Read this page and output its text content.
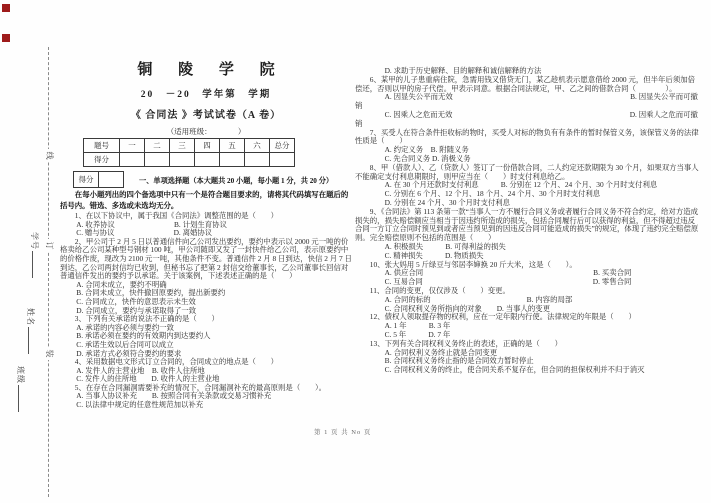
线
订
装
学号
姓名
班级
铜 陵 学 院
20　－20　学年第　学期
《 合同法 》考试试卷（A 卷）
（适用班级：　　　　）
题号	一	二	三	四	五	六	总分
得分							
得分		一、单项选择题（本大题共 20 小题，每小题 1 分，共 20 分）
在每小题列出的四个备选项中只有一个是符合题目要求的，请将其代码填写在题后的括号内。错选、多选或未选均无分。
1、在以下协议中，属于我国《合同法》调整范围的是（　　）
A. 收养协议　　　　　　　　B. 计划生育协议
C. 赠与协议　　　　　　　　D. 离婚协议
2、甲公司于 2 月 5 日以普通信件向乙公司发出要约，要约中表示以 2000 元一吨的价格卖给乙公司某种型号钢材 100 吨，甲公司随即又发了一封快件给乙公司，表示原要约中的价格作废，现改为 2100 元一吨，其他条件不变。普通信件 2 月 8 日到达，快信 2 月 7 日到达，乙公司两封信均已收到，但秘书忘了把第 2 封信交给董事长，乙公司董事长回信对普通信件发出的要约予以承诺。关于该案例，下述表述正确的是（　　）
A. 合同未成立，要约不明确
B. 合同未成立，快件撤回原要约，提出新要约
C. 合同成立，快件的意思表示未生效
D. 合同成立，要约与承诺取得了一致
3、下列有关承诺的说法不正确的是（　　）
A. 承诺的内容必须与要约一致
B. 承诺必须在要约的有效期内到达要约人
C. 承诺生效以后合同可以成立
D. 承诺方式必须符合要约的要求
4、采用数据电文形式订立合同的，合同成立的地点是（　　）
A. 发件人的主营业地　B. 收件人住所地
C. 发件人的住所地　　D. 收件人的主营业地
5、在存在合同漏洞需要补充的情况下，合同漏洞补充的最高原则是（　　）。
A. 当事人协议补充　　B. 按照合同有关条款或交易习惯补充
C. 以法律中规定的任意性规范加以补充
D. 求助于历史解释、目的解释和诚信解释的方法
6、某甲的儿子患重病住院，急需用钱又借贷无门，某乙趁机表示愿意借给 2000 元，但半年后须加倍偿还，否则以甲的房子代偿。甲表示同意。根据合同法规定，甲、乙之间的借款合同（　　　　）。
A. 因显失公平而无效　　　　　　　　　　　　　　　　　　　　　　　　B. 因显失公平而可撤销
C. 因乘人之危而无效　　　　　　　　　　　　　　　　　　　　　　　　D. 因乘人之危而可撤销
7、买受人在符合条件拒收标的物时，买受人对标的物负有有条件的暂时保管义务，该保管义务的法律性质是（　　）
A. 约定义务　B. 附随义务
C. 先合同义务 D. 消极义务
8、甲（借款人）、乙（贷款人）签订了一份借款合同，二人约定还款期限为 30 个月，如果双方当事人不能确定支付利息期限时，则甲应当在（　　）时支付利息给乙。
A. 在 30 个月还款时支付利息　　　B. 分别在 12 个月、24 个月、30 个月时支付利息
C. 分别在 6 个月、12 个月、18 个月、24 个月、30 个月时支付利息
D. 分别在 24 个月、30 个月时支付利息
9、《合同法》第 113 条第一款“当事人一方不履行合同义务或者履行合同义务不符合约定，给对方造成损失的，损失赔偿额应当相当于因违约所造成的损失，包括合同履行后可以获得的利益，但不得超过违反合同一方订立合同时预见到或者应当预见到的因违反合同可能造成的损失”的规定，体现了违约完全赔偿原则。完全赔偿原则不包括的范围是（　　）
A. 积极损失　　　B. 可得利益的损失
C. 精神损失　　　D. 物质损失
10、张大妈用 5 斤绿豆与邻居李婶换 20 斤大米，这是（　　）。
A. 供应合同　　　　　　　　　　　　　　　　　　　　　　　B. 买卖合同
C. 互易合同　　　　　　　　　　　　　　　　　　　　　　　D. 零售合同
11、合同的变更，仅仅涉及（　　）变更。
A. 合同的标的　　　　　　　　　　　　　B. 内容的局部
C. 合同权利义务所指向的对象　　D. 当事人的变更
12、债权人领取提存物的权利，应在一定年限内行使。法律规定的年限是（　　）
A. 1 年　　　B. 3 年
C. 5 年　　　D. 7 年
13、下列有关合同权利义务终止的表述，正确的是（　　）
A. 合同权利义务终止就是合同变更
B. 合同权利义务终止指的是合同效力暂时停止
C. 合同权利义务的终止，使合同关系不复存在，但合同的担保权利并不归于消灭
第 1 页 共 No 页
